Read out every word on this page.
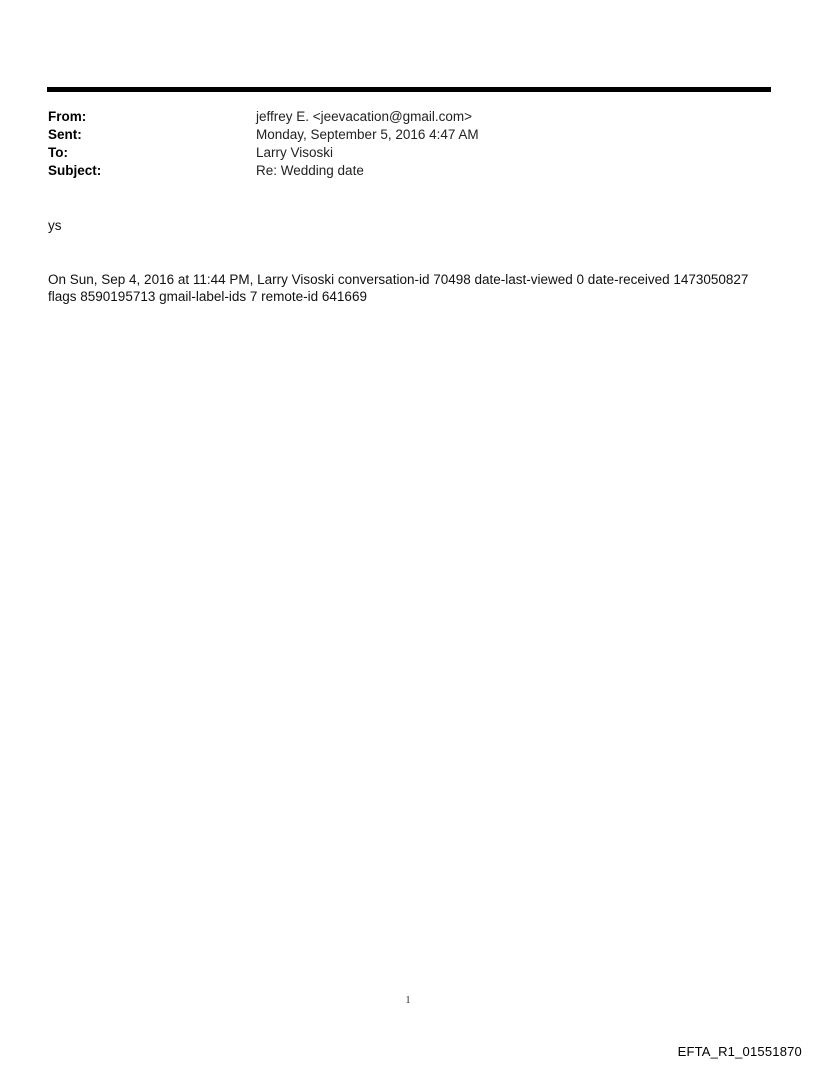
From:	jeffrey E. <jeevacation@gmail.com>
Sent:	Monday, September 5, 2016 4:47 AM
To:	Larry Visoski
Subject:	Re: Wedding date
ys
On Sun, Sep 4, 2016 at 11:44 PM, Larry Visoski conversation-id 70498 date-last-viewed 0 date-received 1473050827
flags 8590195713 gmail-label-ids 7 remote-id 641669
1
EFTA_R1_01551870
